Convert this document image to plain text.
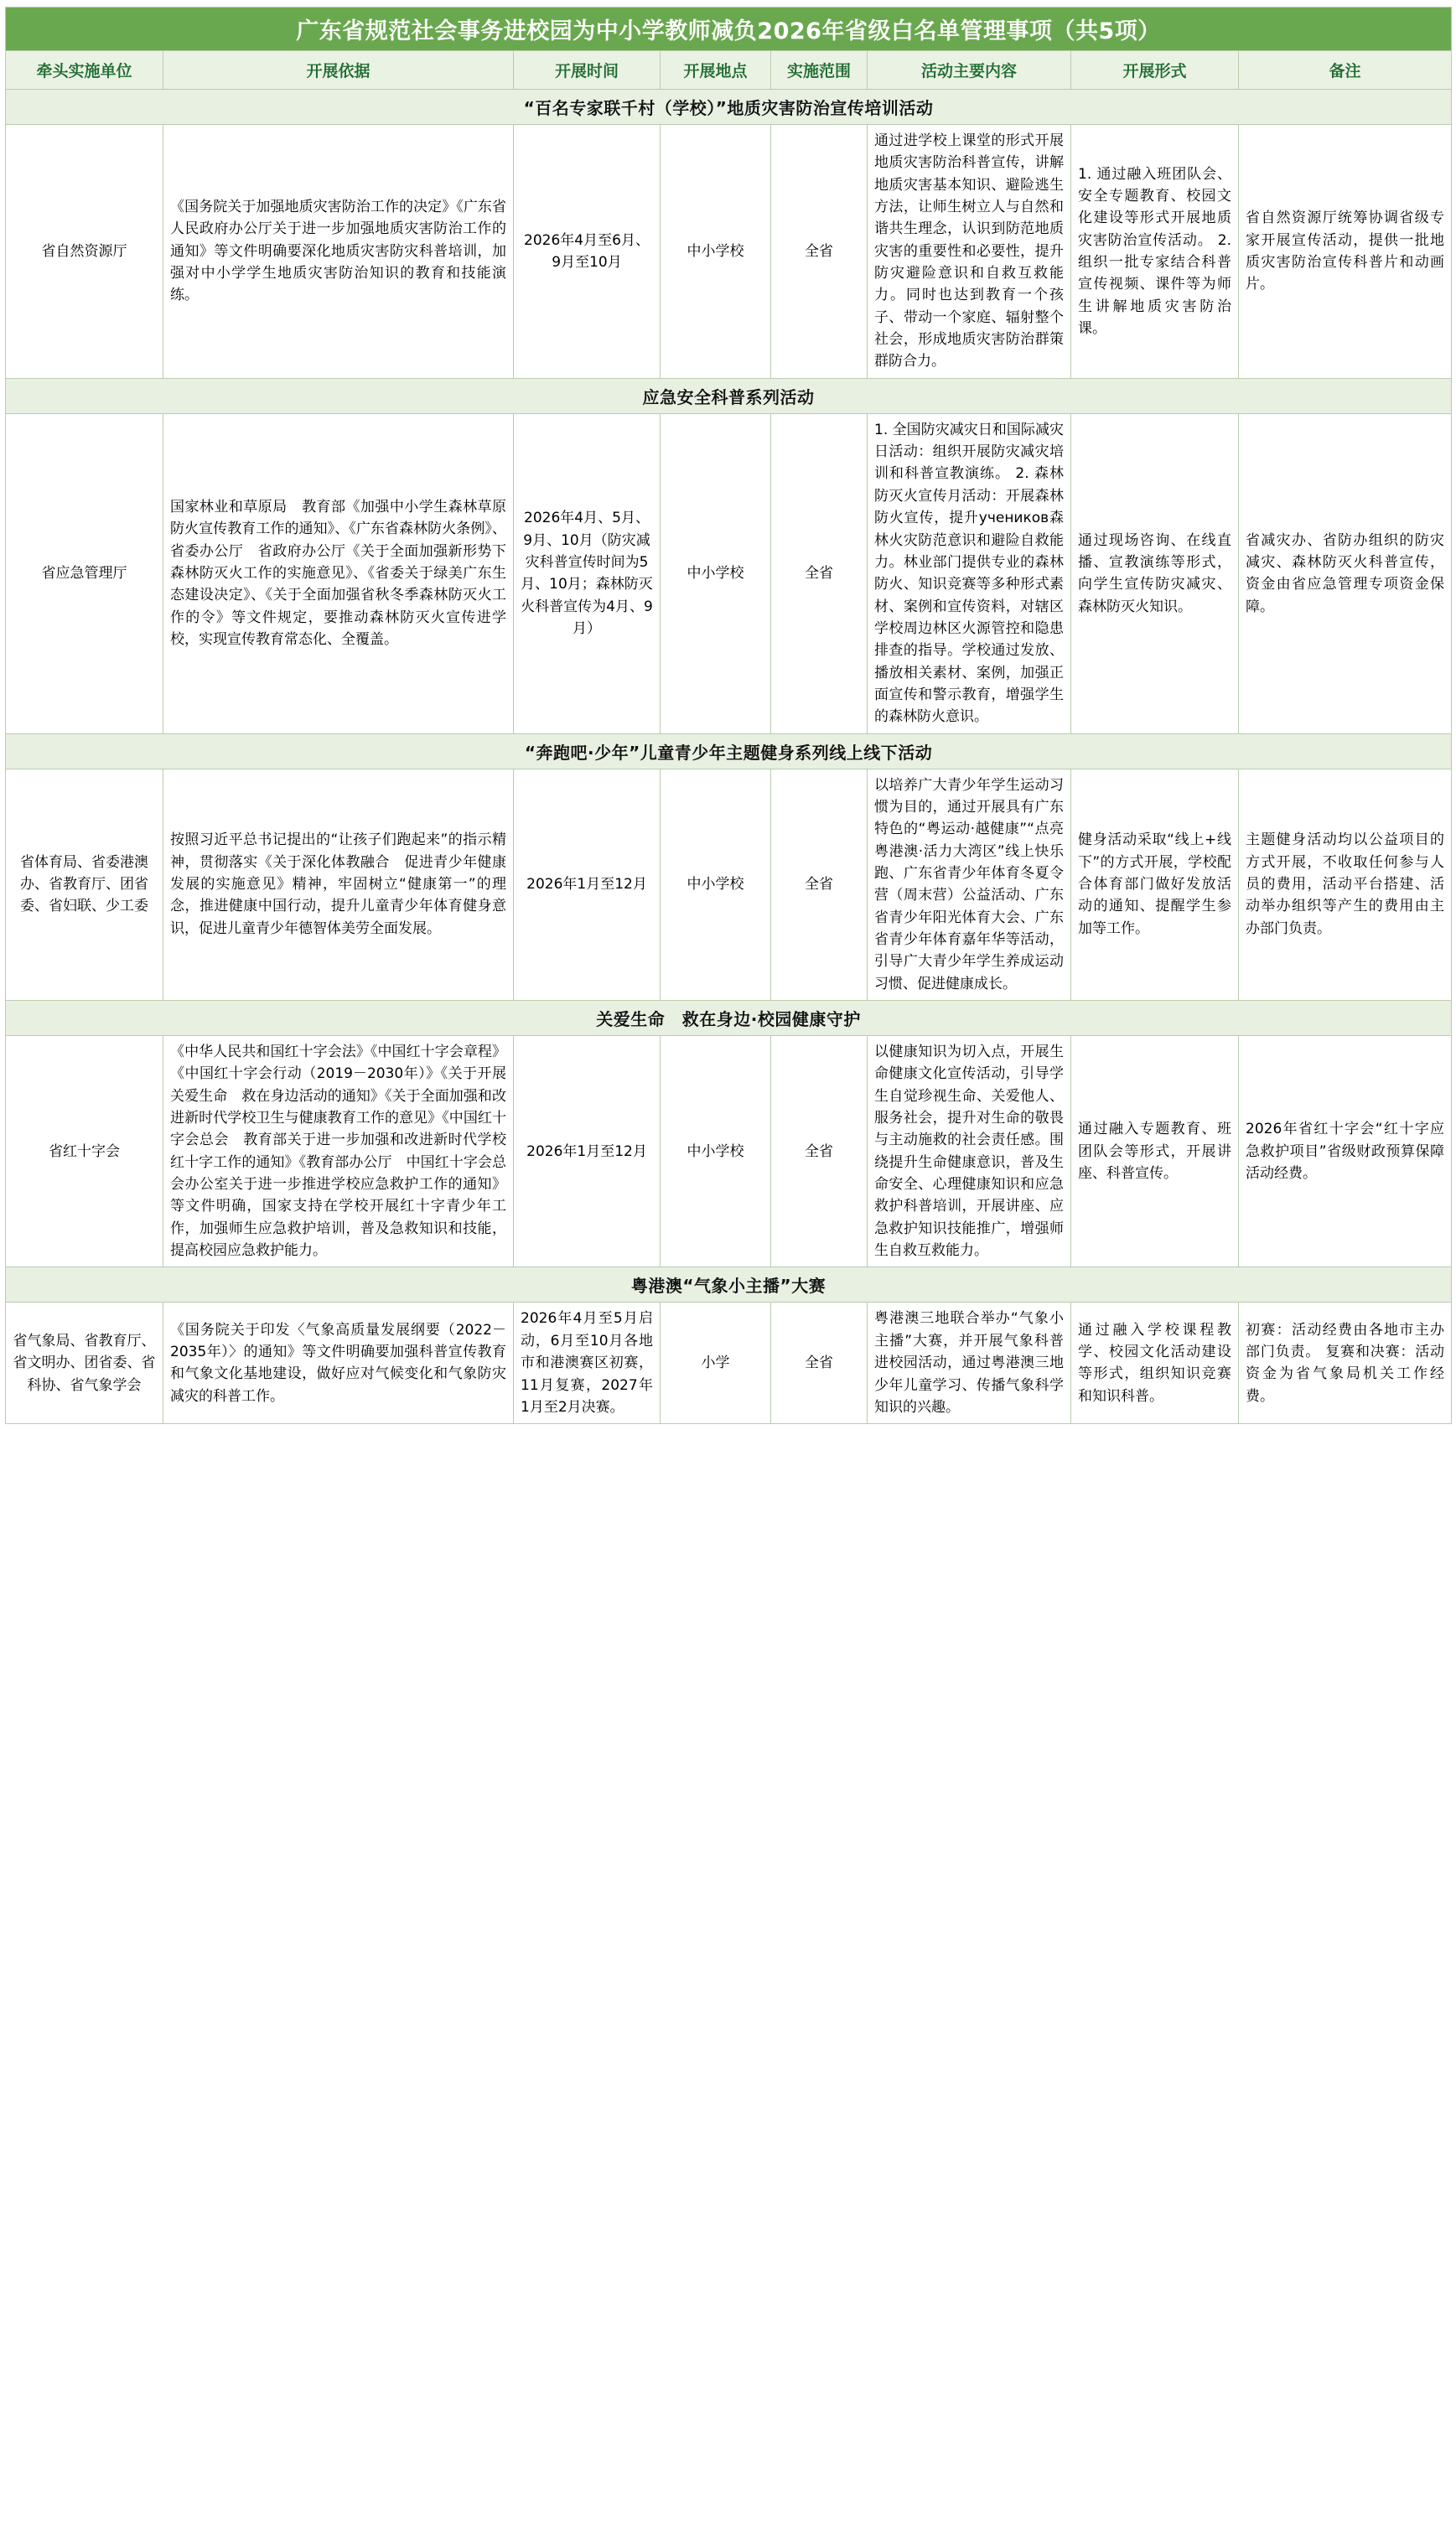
广东省规范社会事务进校园为中小学教师减负2026年省级白名单管理事项（共5项）							
牵头实施单位	开展依据	开展时间	开展地点	实施范围	活动主要内容	开展形式	备注
“百名专家联千村（学校）”地质灾害防治宣传培训活动							
省自然资源厅	《国务院关于加强地质灾害防治工作的决定》《广东省人民政府办公厅关于进一步加强地质灾害防治工作的通知》等文件明确要深化地质灾害防灾科普培训，加强对中小学学生地质灾害防治知识的教育和技能演练。	2026年4月至6月、9月至10月	中小学校	全省	通过进学校上课堂的形式开展地质灾害防治科普宣传，讲解地质灾害基本知识、避险逃生方法，让师生树立人与自然和谐共生理念，认识到防范地质灾害的重要性和必要性，提升防灾避险意识和自救互救能力。同时也达到教育一个孩子、带动一个家庭、辐射整个社会，形成地质灾害防治群策群防合力。	1. 通过融入班团队会、安全专题教育、校园文化建设等形式开展地质灾害防治宣传活动。 2. 组织一批专家结合科普宣传视频、课件等为师生讲解地质灾害防治课。	省自然资源厅统筹协调省级专家开展宣传活动，提供一批地质灾害防治宣传科普片和动画片。
应急安全科普系列活动							
省应急管理厅	国家林业和草原局　教育部《加强中小学生森林草原防火宣传教育工作的通知》、《广东省森林防火条例》、省委办公厅　省政府办公厅《关于全面加强新形势下森林防灭火工作的实施意见》、《省委关于绿美广东生态建设决定》、《关于全面加强省秋冬季森林防灭火工作的令》等文件规定，要推动森林防灭火宣传进学校，实现宣传教育常态化、全覆盖。	2026年4月、5月、9月、10月（防灾减灾科普宣传时间为5月、10月；森林防灭火科普宣传为4月、9月）	中小学校	全省	1. 全国防灾减灾日和国际减灾日活动：组织开展防灾减灾培训和科普宣教演练。 2. 森林防灭火宣传月活动：开展森林防火宣传，提升учеников森林火灾防范意识和避险自救能力。林业部门提供专业的森林防火、知识竞赛等多种形式素材、案例和宣传资料，对辖区学校周边林区火源管控和隐患排查的指导。学校通过发放、播放相关素材、案例，加强正面宣传和警示教育，增强学生的森林防火意识。	通过现场咨询、在线直播、宣教演练等形式，向学生宣传防灾减灾、森林防灭火知识。	省减灾办、省防办组织的防灾减灾、森林防灭火科普宣传，资金由省应急管理专项资金保障。
“奔跑吧·少年”儿童青少年主题健身系列线上线下活动							
省体育局、省委港澳办、省教育厅、团省委、省妇联、少工委	按照习近平总书记提出的“让孩子们跑起来”的指示精神，贯彻落实《关于深化体教融合　促进青少年健康发展的实施意见》精神，牢固树立“健康第一”的理念，推进健康中国行动，提升儿童青少年体育健身意识，促进儿童青少年德智体美劳全面发展。	2026年1月至12月	中小学校	全省	以培养广大青少年学生运动习惯为目的，通过开展具有广东特色的“粤运动·越健康”“点亮粤港澳·活力大湾区”线上快乐跑、广东省青少年体育冬夏令营（周末营）公益活动、广东省青少年阳光体育大会、广东省青少年体育嘉年华等活动，引导广大青少年学生养成运动习惯、促进健康成长。	健身活动采取“线上+线下”的方式开展，学校配合体育部门做好发放活动的通知、提醒学生参加等工作。	主题健身活动均以公益项目的方式开展，不收取任何参与人员的费用，活动平台搭建、活动举办组织等产生的费用由主办部门负责。
关爱生命　救在身边·校园健康守护							
省红十字会	《中华人民共和国红十字会法》《中国红十字会章程》《中国红十字会行动（2019－2030年）》《关于开展关爱生命　救在身边活动的通知》《关于全面加强和改进新时代学校卫生与健康教育工作的意见》《中国红十字会总会　教育部关于进一步加强和改进新时代学校红十字工作的通知》《教育部办公厅　中国红十字会总会办公室关于进一步推进学校应急救护工作的通知》等文件明确，国家支持在学校开展红十字青少年工作，加强师生应急救护培训，普及急救知识和技能，提高校园应急救护能力。	2026年1月至12月	中小学校	全省	以健康知识为切入点，开展生命健康文化宣传活动，引导学生自觉珍视生命、关爱他人、服务社会，提升对生命的敬畏与主动施救的社会责任感。围绕提升生命健康意识，普及生命安全、心理健康知识和应急救护科普培训，开展讲座、应急救护知识技能推广，增强师生自救互救能力。	通过融入专题教育、班团队会等形式，开展讲座、科普宣传。	2026年省红十字会“红十字应急救护项目”省级财政预算保障活动经费。
粤港澳“气象小主播”大赛							
省气象局、省教育厅、省文明办、团省委、省科协、省气象学会	《国务院关于印发〈气象高质量发展纲要（2022－2035年）〉的通知》等文件明确要加强科普宣传教育和气象文化基地建设，做好应对气候变化和气象防灾减灾的科普工作。	2026年4月至5月启动，6月至10月各地市和港澳赛区初赛，11月复赛，2027年1月至2月决赛。	小学	全省	粤港澳三地联合举办“气象小主播”大赛，并开展气象科普进校园活动，通过粤港澳三地少年儿童学习、传播气象科学知识的兴趣。	通过融入学校课程教学、校园文化活动建设等形式，组织知识竞赛和知识科普。	初赛：活动经费由各地市主办部门负责。 复赛和决赛：活动资金为省气象局机关工作经费。
